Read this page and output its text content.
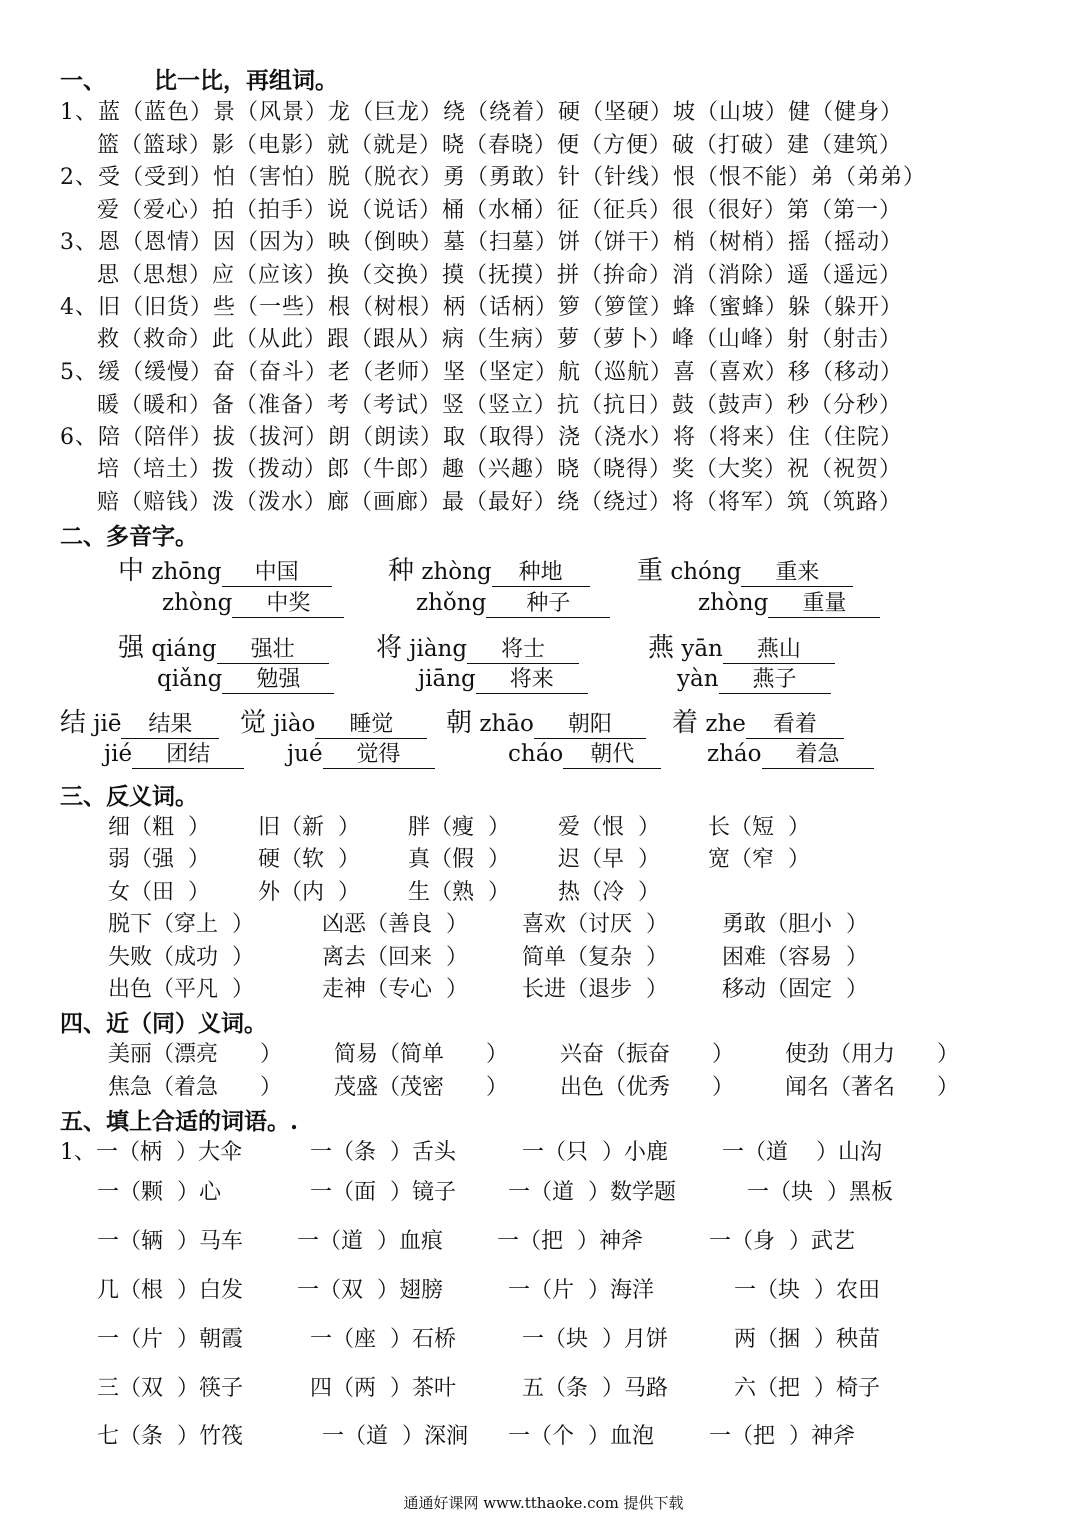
一、      比一比，再组词。
1、蓝（蓝色）景（风景）龙（巨龙）绕（绕着）硬（坚硬）坡（山坡）健（健身）
篮（篮球）影（电影）就（就是）晓（春晓）便（方便）破（打破）建（建筑）
2、受（受到）怕（害怕）脱（脱衣）勇（勇敢）针（针线）恨（恨不能）弟（弟弟）
爱（爱心）拍（拍手）说（说话）桶（水桶）征（征兵）很（很好）第（第一）
3、恩（恩情）因（因为）映（倒映）墓（扫墓）饼（饼干）梢（树梢）摇（摇动）
思（思想）应（应该）换（交换）摸（抚摸）拼（拚命）消（消除）遥（遥远）
4、旧（旧货）些（一些）根（树根）柄（话柄）箩（箩筐）蜂（蜜蜂）躲（躲开）
救（救命）此（从此）跟（跟从）病（生病）萝（萝卜）峰（山峰）射（射击）
5、缓（缓慢）奋（奋斗）老（老师）坚（坚定）航（巡航）喜（喜欢）移（移动）
暖（暖和）备（准备）考（考试）竖（竖立）抗（抗日）鼓（鼓声）秒（分秒）
6、陪（陪伴）拔（拔河）朗（朗读）取（取得）浇（浇水）将（将来）住（住院）
培（培土）拨（拨动）郎（牛郎）趣（兴趣）晓（晓得）奖（大奖）祝（祝贺）
赔（赔钱）泼（泼水）廊（画廊）最（最好）绕（绕过）将（将军）筑（筑路）
二、多音字。
中 zhōng 中国	种 zhòng 种地	重 chóng 重来
zhòng 中奖	zhǒng 种子	zhòng 重量
强 qiáng 强壮	将 jiàng 将士	燕 yān 燕山
qiǎng 勉强	jiāng 将来	yàn 燕子
结 jiē 结果	觉 jiào 睡觉	朝 zhāo 朝阳	着 zhe 看着
jié 团结	jué 觉得	cháo 朝代	zháo 着急
三、反义词。
细（粗  ） 旧（新  ） 胖（瘦  ） 爱（恨  ） 长（短  ）
弱（强  ） 硬（软  ） 真（假  ） 迟（早  ） 宽（窄  ）
女（田  ） 外（内  ） 生（熟  ） 热（冷  ）
脱下（穿上  ）	凶恶（善良  ） 喜欢（讨厌  ） 勇敢（胆小  ）
失败（成功  ）	离去（回来  ） 简单（复杂  ） 困难（容易  ）
出色（平凡  ）	走神（专心  ） 长进（退步  ） 移动（固定  ）
四、近（同）义词。
美丽（漂亮      ） 简易（简单      ） 兴奋（振奋      ） 使劲（用力      ）
焦急（着急      ） 茂盛（茂密      ） 出色（优秀      ） 闻名（著名      ）
五、填上合适的词语。.
1、一（柄  ）大伞	一（条  ）舌头	一（只  ）小鹿 一（道    ）山沟
一（颗  ）心	一（面  ）镜子 一（道  ）数学题	一（块  ）黑板
一（辆  ）马车 一（道  ）血痕 一（把  ）神斧	一（身  ）武艺
几（根  ）白发 一（双  ）翅膀	一（片  ）海洋	一（块  ）农田
一（片  ）朝霞	一（座  ）石桥	一（块  ）月饼	两（捆  ）秧苗
三（双  ）筷子	四（两  ）茶叶	五（条  ）马路	六（把  ）椅子
七（条  ）竹筏	一（道  ）深涧 一（个  ）血泡	一（把  ）神斧
通通好课网 www.tthaoke.com 提供下载
